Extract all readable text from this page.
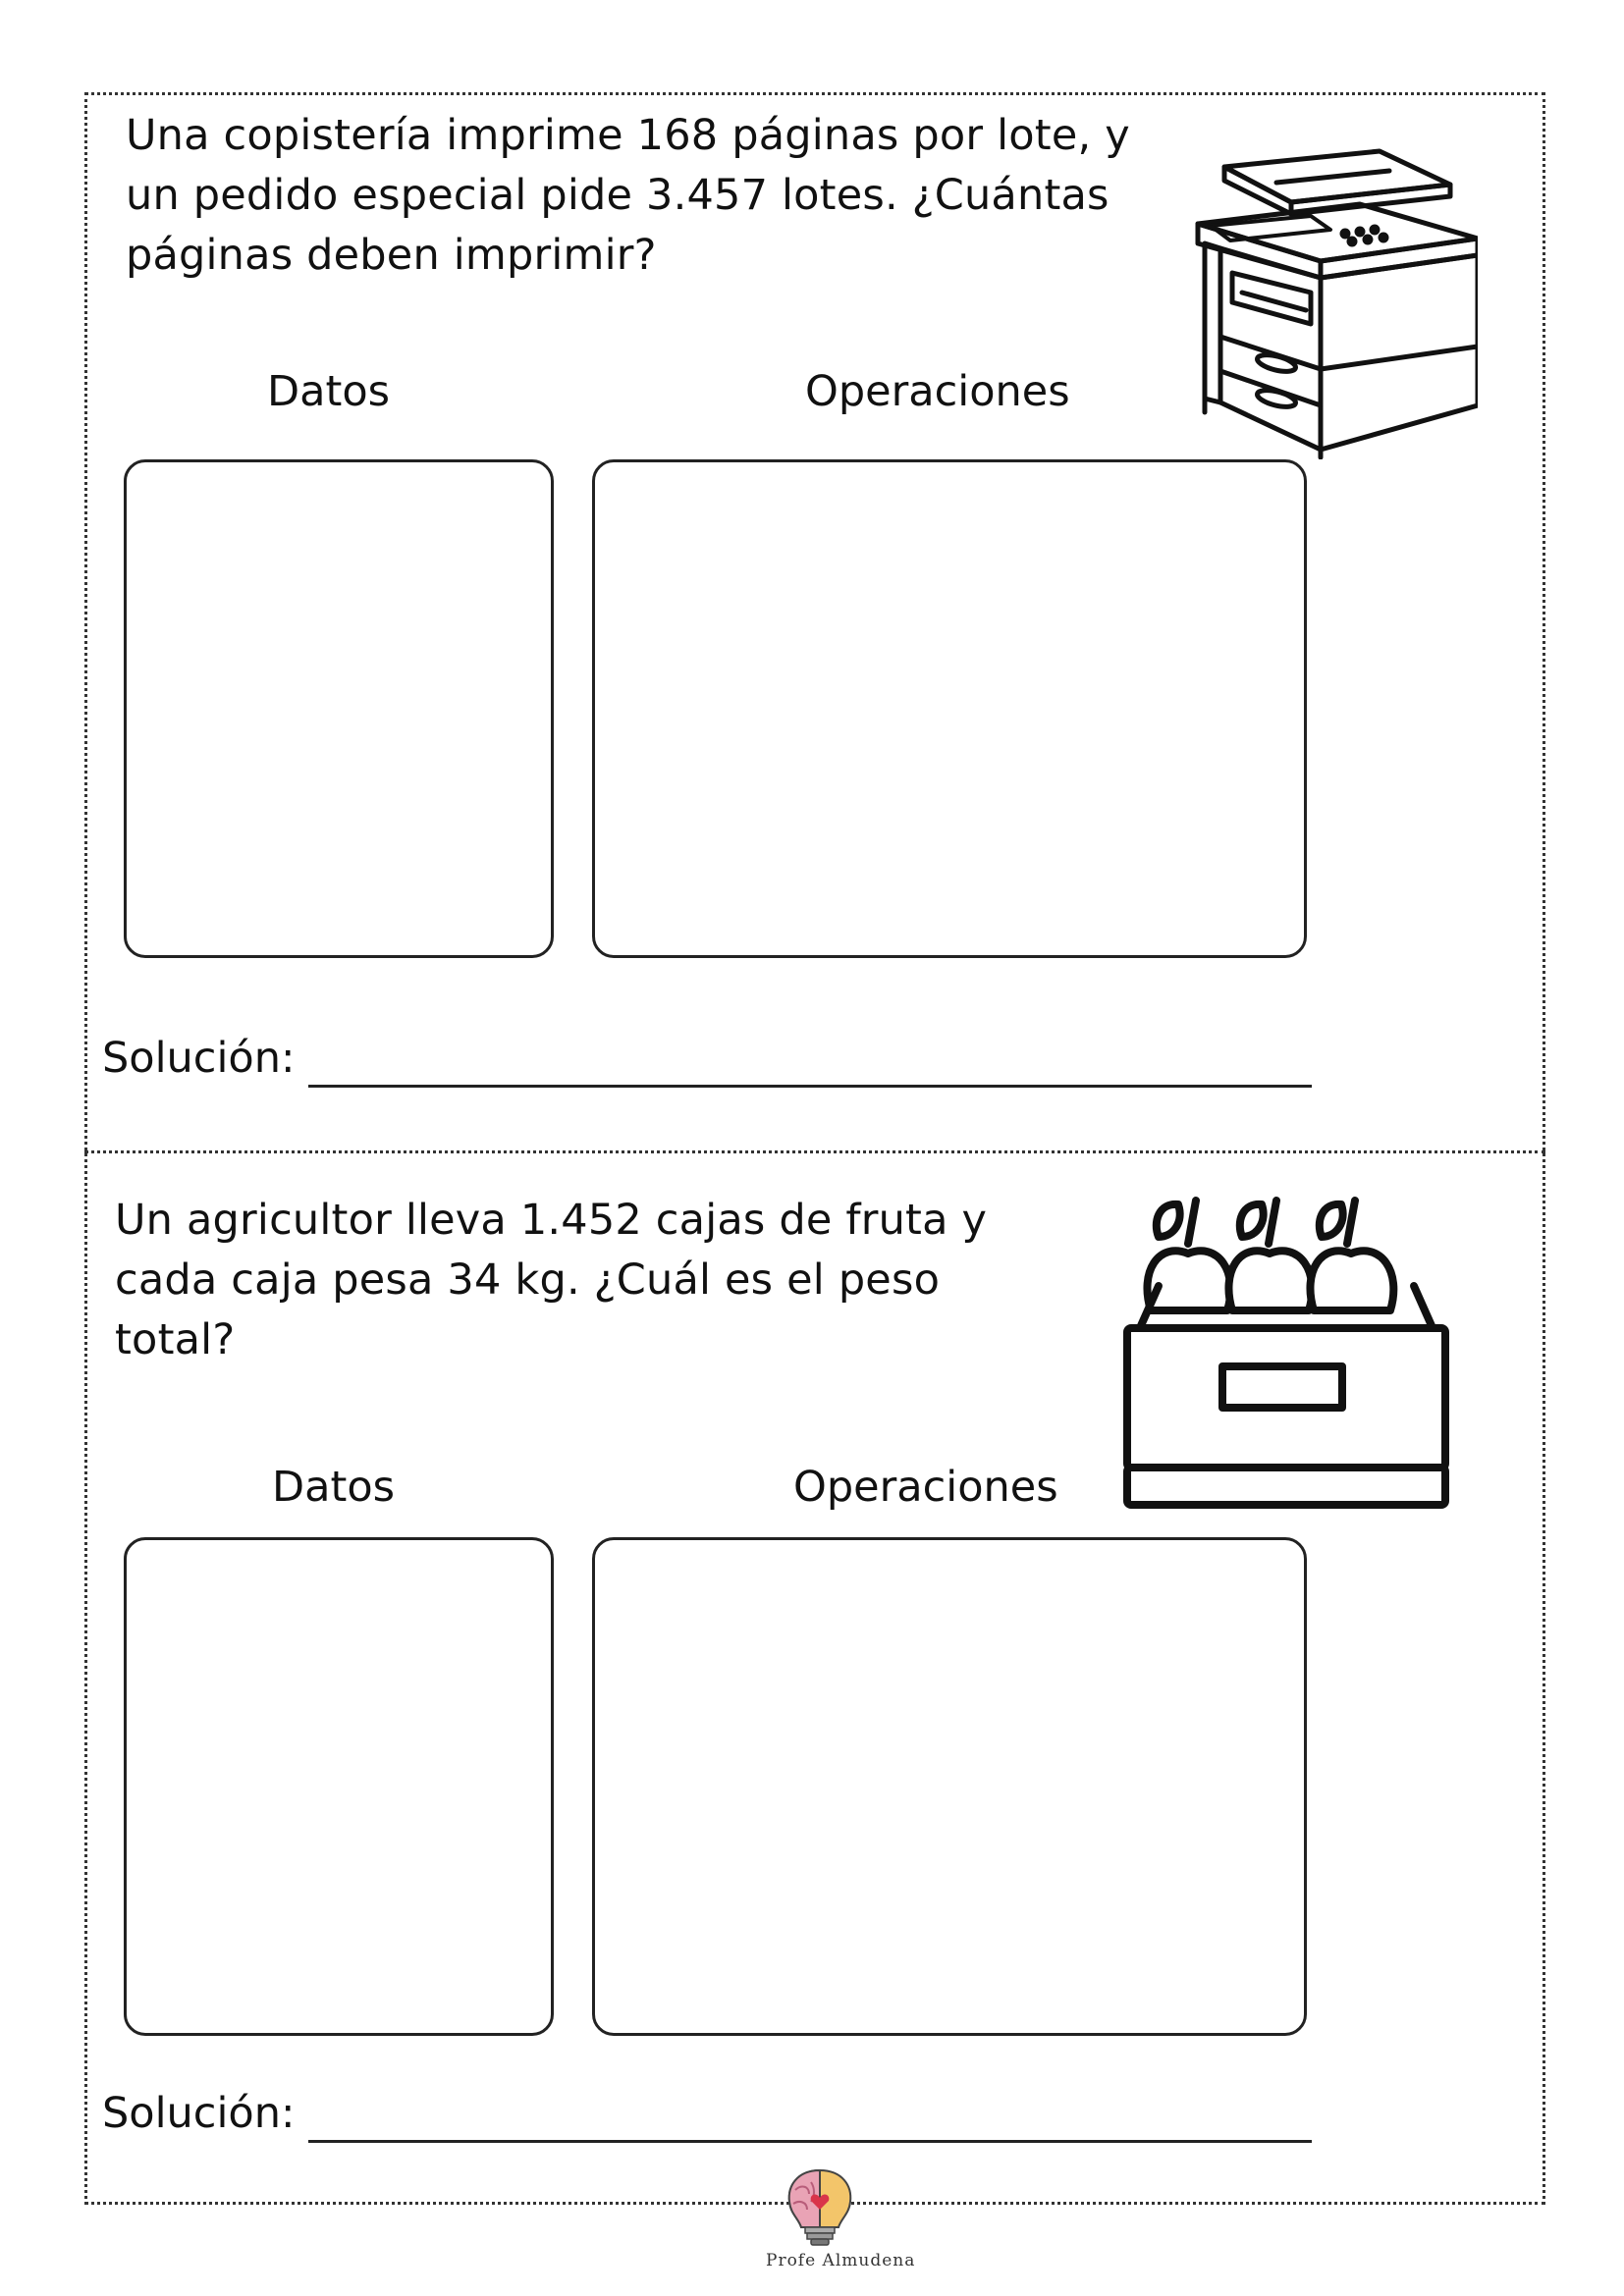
Una copistería imprime 168 páginas por lote, y
un pedido especial pide 3.457 lotes. ¿Cuántas
páginas deben imprimir?
Datos	Operaciones
Solución:
Un agricultor lleva 1.452 cajas de fruta y
cada caja pesa 34 kg. ¿Cuál es el peso
total?
Datos	Operaciones
Solución:
Profe Almudena
